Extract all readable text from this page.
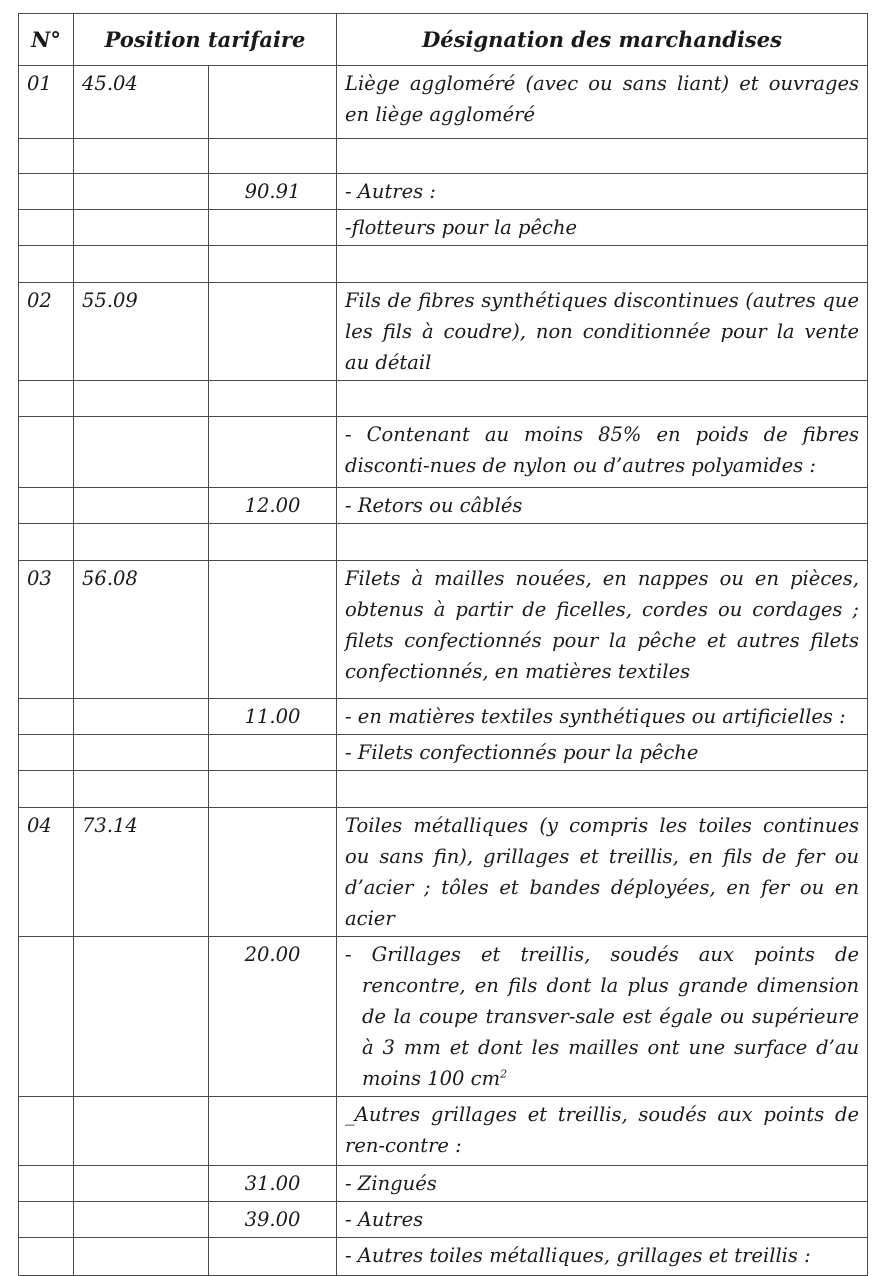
N°	Position tarifaire		Désignation des marchandises
01	45.04		Liège aggloméré (avec ou sans liant) et ouvrages en liège aggloméré

		90.91	- Autres :
			-flotteurs pour la pêche

02	55.09		Fils de fibres synthétiques discontinues (autres que les fils à coudre), non conditionnée pour la vente au détail

			- Contenant au moins 85% en poids de fibres disconti-nues de nylon ou d’autres polyamides :
		12.00	- Retors ou câblés

03	56.08		Filets à mailles nouées, en nappes ou en pièces, obtenus à partir de ficelles, cordes ou cordages ; filets confectionnés pour la pêche et autres filets confectionnés, en matières textiles
		11.00	- en matières textiles synthétiques ou artificielles :
			- Filets confectionnés pour la pêche

04	73.14		Toiles métalliques (y compris les toiles continues ou sans fin), grillages et treillis, en fils de fer ou d’acier ; tôles et bandes déployées, en fer ou en acier
		20.00	- Grillages et treillis, soudés aux points de rencontre, en fils dont la plus grande dimension de la coupe transver-sale est égale ou supérieure à 3 mm et dont les mailles ont une surface d’au moins 100 $cm^2$

			_Autres grillages et treillis, soudés aux points de ren-contre :
		31.00	- Zingués
		39.00	- Autres
			- Autres toiles métalliques, grillages et treillis :
